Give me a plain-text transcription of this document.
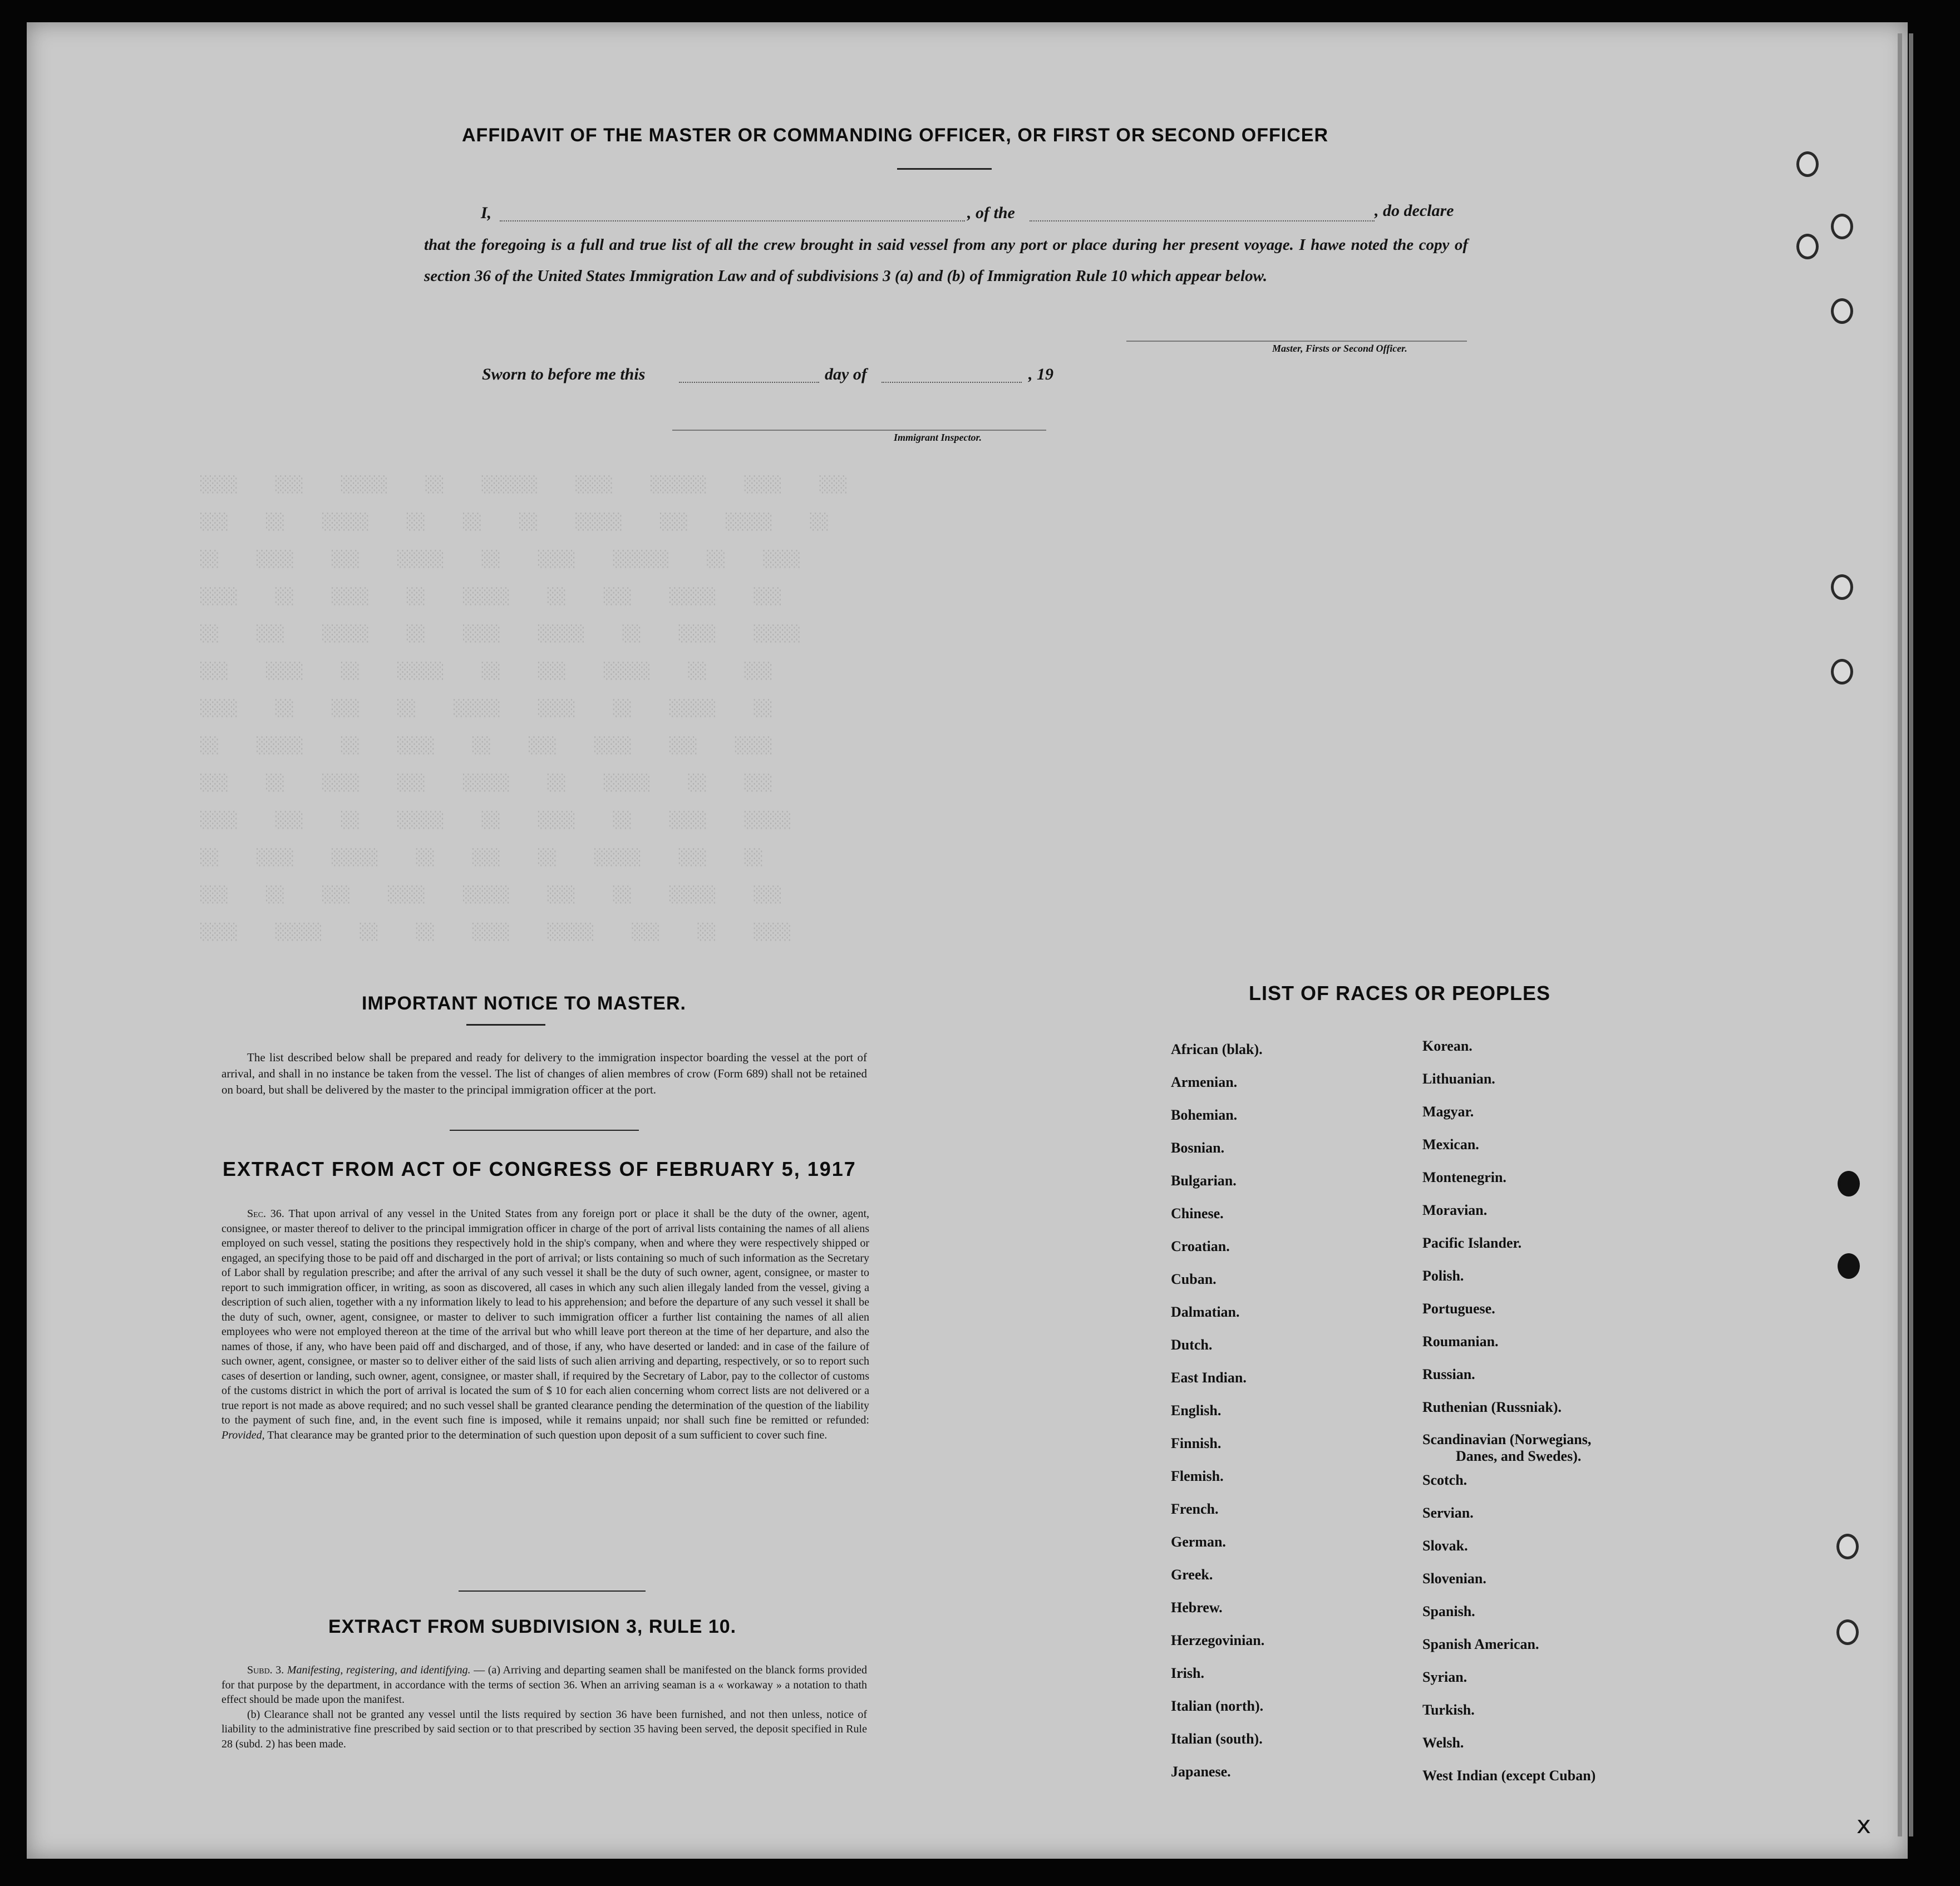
░░░░    ░░░    ░░░░░    ░░    ░░░░░░    ░░░░    ░░░░░░    ░░░░    ░░░
░░░    ░░    ░░░░░    ░░    ░░    ░░    ░░░░░    ░░░    ░░░░░    ░░
░░    ░░░░    ░░░    ░░░░░    ░░    ░░░░    ░░░░░░    ░░    ░░░░
░░░░    ░░    ░░░░    ░░    ░░░░░    ░░    ░░░    ░░░░░    ░░░
░░    ░░░    ░░░░░    ░░    ░░░░    ░░░░░    ░░    ░░░░    ░░░░░
░░░    ░░░░    ░░    ░░░░░    ░░    ░░░    ░░░░░    ░░    ░░░
░░░░    ░░    ░░░    ░░    ░░░░░    ░░░░    ░░    ░░░░░    ░░
░░    ░░░░░    ░░    ░░░░    ░░    ░░░    ░░░░    ░░░    ░░░░
░░░    ░░    ░░░░    ░░░    ░░░░░    ░░    ░░░░░    ░░    ░░░
░░░░    ░░░    ░░    ░░░░░    ░░    ░░░░    ░░    ░░░░    ░░░░░
░░    ░░░░    ░░░░░    ░░    ░░░    ░░    ░░░░░    ░░░    ░░
░░░    ░░    ░░░    ░░░░    ░░░░░    ░░░    ░░    ░░░░░    ░░░
░░░░    ░░░░░    ░░    ░░    ░░░░    ░░░░░    ░░░    ░░    ░░░░

AFFIDAVIT OF THE MASTER OR COMMANDING OFFICER, OR FIRST OR SECOND OFFICER
I,	, of the	, do declare
that the foregoing is a full and true list of all the crew brought in said vessel from any port or place during her present voyage. I hawe noted the copy of section 36 of the United States Immigration Law and of subdivisions 3 (a) and (b) of Immigration Rule 10 which appear below.
Master, Firsts or Second Officer.
Sworn to before me this	day of	, 19
Immigrant Inspector.
IMPORTANT NOTICE TO MASTER.
The list described below shall be prepared and ready for delivery to the immigration inspector boarding the vessel at the port of arrival, and shall in no instance be taken from the vessel. The list of changes of alien membres of crow (Form 689) shall not be retained on board, but shall be delivered by the master to the principal immigration officer at the port.
EXTRACT FROM ACT OF CONGRESS OF FEBRUARY 5, 1917
Sec. 36. That upon arrival of any vessel in the United States from any foreign port or place it shall be the duty of the owner, agent, consignee, or master thereof to deliver to the principal immigration officer in charge of the port of arrival lists containing the names of all aliens employed on such vessel, stating the positions they respectively hold in the ship's company, when and where they were respectively shipped or engaged, an specifying those to be paid off and discharged in the port of arrival; or lists containing so much of such information as the Secretary of Labor shall by regulation prescribe; and after the arrival of any such vessel it shall be the duty of such owner, agent, consignee, or master to report to such immigration officer, in writing, as soon as discovered, all cases in which any such alien illegaly landed from the vessel, giving a description of such alien, together with a ny information likely to lead to his apprehension; and before the departure of any such vessel it shall be the duty of such, owner, agent, consignee, or master to deliver to such immigration officer a further list containing the names of all alien employees who were not employed thereon at the time of the arrival but who whill leave port thereon at the time of her departure, and also the names of those, if any, who have been paid off and discharged, and of those, if any, who have deserted or landed: and in case of the failure of such owner, agent, consignee, or master so to deliver either of the said lists of such alien arriving and departing, respectively, or so to report such cases of desertion or landing, such owner, agent, consignee, or master shall, if required by the Secretary of Labor, pay to the collector of customs of the customs district in which the port of arrival is located the sum of $ 10 for each alien concerning whom correct lists are not delivered or a true report is not made as above required; and no such vessel shall be granted clearance pending the determination of the question of the liability to the payment of such fine, and, in the event such fine is imposed, while it remains unpaid; nor shall such fine be remitted or refunded: Provided, That clearance may be granted prior to the determination of such question upon deposit of a sum sufficient to cover such fine.
EXTRACT FROM SUBDIVISION 3, RULE 10.
Subd. 3. Manifesting, registering, and identifying. — (a) Arriving and departing seamen shall be manifested on the blanck forms provided for that purpose by the department, in accordance with the terms of section 36. When an arriving seaman is a « workaway » a notation to thath effect should be made upon the manifest.
(b) Clearance shall not be granted any vessel until the lists required by section 36 have been furnished, and not then unless, notice of liability to the administrative fine prescribed by said section or to that prescribed by section 35 having been served, the deposit specified in Rule 28 (subd. 2) has been made.
LIST OF RACES OR PEOPLES
African (blak).
Armenian.
Bohemian.
Bosnian.
Bulgarian.
Chinese.
Croatian.
Cuban.
Dalmatian.
Dutch.
East Indian.
English.
Finnish.
Flemish.
French.
German.
Greek.
Hebrew.
Herzegovinian.
Irish.
Italian (north).
Italian (south).
Japanese.
Korean.
Lithuanian.
Magyar.
Mexican.
Montenegrin.
Moravian.
Pacific Islander.
Polish.
Portuguese.
Roumanian.
Russian.
Ruthenian (Russniak).
Scandinavian (Norwegians,
Danes, and Swedes).
Scotch.
Servian.
Slovak.
Slovenian.
Spanish.
Spanish American.
Syrian.
Turkish.
Welsh.
West Indian (except Cuban)
x
